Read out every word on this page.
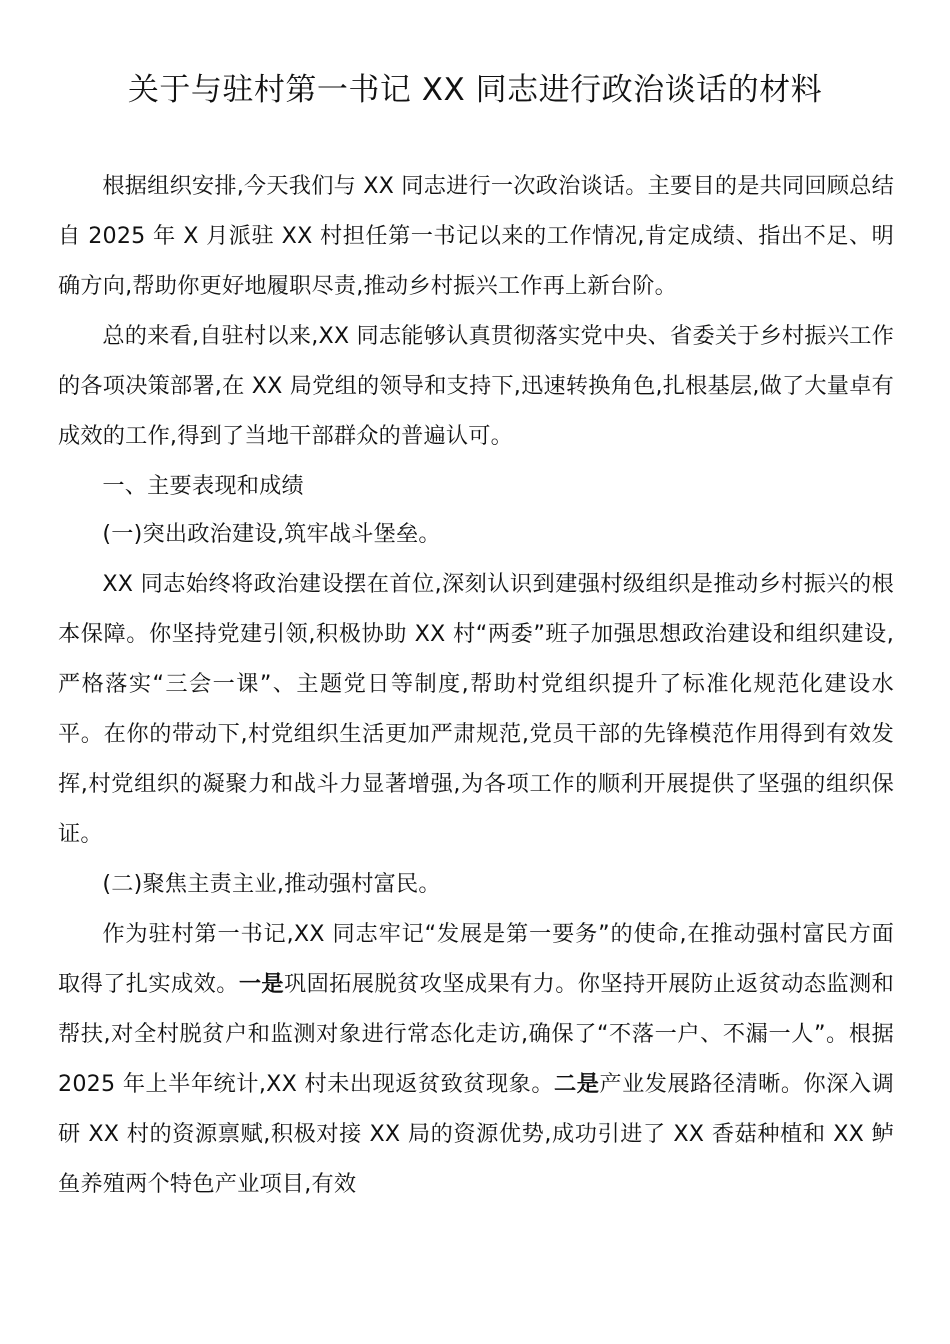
关于与驻村第一书记 XX 同志进行政治谈话的材料

根据组织安排,今天我们与 XX 同志进行一次政治谈话。主要目的是共同回顾总结自 2025 年 X 月派驻 XX 村担任第一书记以来的工作情况,肯定成绩、指出不足、明确方向,帮助你更好地履职尽责,推动乡村振兴工作再上新台阶。

总的来看,自驻村以来,XX 同志能够认真贯彻落实党中央、省委关于乡村振兴工作的各项决策部署,在 XX 局党组的领导和支持下,迅速转换角色,扎根基层,做了大量卓有成效的工作,得到了当地干部群众的普遍认可。

一、主要表现和成绩

(一)突出政治建设,筑牢战斗堡垒。

XX 同志始终将政治建设摆在首位,深刻认识到建强村级组织是推动乡村振兴的根本保障。你坚持党建引领,积极协助 XX 村“两委”班子加强思想政治建设和组织建设,严格落实“三会一课”、主题党日等制度,帮助村党组织提升了标准化规范化建设水平。在你的带动下,村党组织生活更加严肃规范,党员干部的先锋模范作用得到有效发挥,村党组织的凝聚力和战斗力显著增强,为各项工作的顺利开展提供了坚强的组织保证。

(二)聚焦主责主业,推动强村富民。

作为驻村第一书记,XX 同志牢记“发展是第一要务”的使命,在推动强村富民方面取得了扎实成效。一是巩固拓展脱贫攻坚成果有力。你坚持开展防止返贫动态监测和帮扶,对全村脱贫户和监测对象进行常态化走访,确保了“不落一户、不漏一人”。根据 2025 年上半年统计,XX 村未出现返贫致贫现象。二是产业发展路径清晰。你深入调研 XX 村的资源禀赋,积极对接 XX 局的资源优势,成功引进了 XX 香菇种植和 XX 鲈鱼养殖两个特色产业项目,有效
